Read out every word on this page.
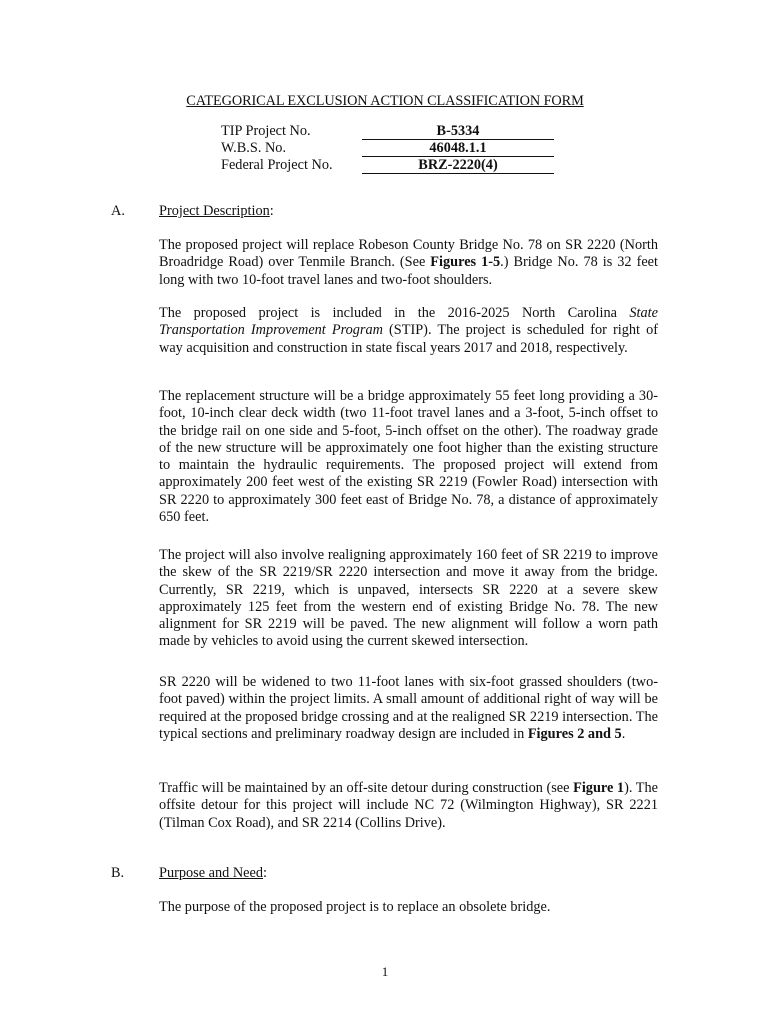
CATEGORICAL EXCLUSION ACTION CLASSIFICATION FORM
TIP Project No.	B-5334
W.B.S. No.	46048.1.1
Federal Project No.	BRZ-2220(4)
A. Project Description:

The proposed project will replace Robeson County Bridge No. 78 on SR 2220 (North Broadridge Road) over Tenmile Branch. (See Figures 1-5.) Bridge No. 78 is 32 feet long with two 10-foot travel lanes and two-foot shoulders.

The proposed project is included in the 2016-2025 North Carolina State Transportation Improvement Program (STIP). The project is scheduled for right of way acquisition and construction in state fiscal years 2017 and 2018, respectively.

The replacement structure will be a bridge approximately 55 feet long providing a 30-foot, 10-inch clear deck width (two 11-foot travel lanes and a 3-foot, 5-inch offset to the bridge rail on one side and 5-foot, 5-inch offset on the other). The roadway grade of the new structure will be approximately one foot higher than the existing structure to maintain the hydraulic requirements. The proposed project will extend from approximately 200 feet west of the existing SR 2219 (Fowler Road) intersection with SR 2220 to approximately 300 feet east of Bridge No. 78, a distance of approximately 650 feet.

The project will also involve realigning approximately 160 feet of SR 2219 to improve the skew of the SR 2219/SR 2220 intersection and move it away from the bridge. Currently, SR 2219, which is unpaved, intersects SR 2220 at a severe skew approximately 125 feet from the western end of existing Bridge No. 78. The new alignment for SR 2219 will be paved. The new alignment will follow a worn path made by vehicles to avoid using the current skewed intersection.

SR 2220 will be widened to two 11-foot lanes with six-foot grassed shoulders (two-foot paved) within the project limits. A small amount of additional right of way will be required at the proposed bridge crossing and at the realigned SR 2219 intersection. The typical sections and preliminary roadway design are included in Figures 2 and 5.

Traffic will be maintained by an off-site detour during construction (see Figure 1). The offsite detour for this project will include NC 72 (Wilmington Highway), SR 2221 (Tilman Cox Road), and SR 2214 (Collins Drive).

B. Purpose and Need:

The purpose of the proposed project is to replace an obsolete bridge.

1
